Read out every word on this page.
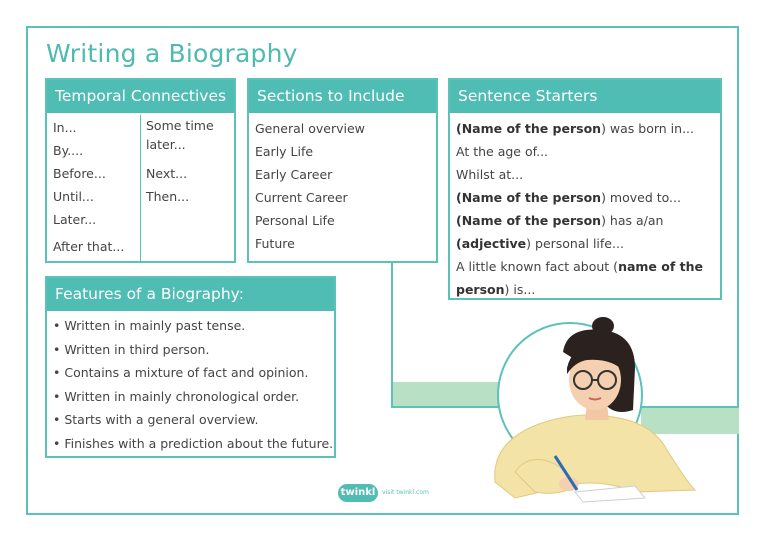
Writing a Biography
Temporal Connectives
In...
By....
Before...
Until...
Later...
After that...
Some time
later...
Next...
Then...
Sections to Include
General overview
Early Life
Early Career
Current Career
Personal Life
Future
Sentence Starters
(Name of the person) was born in...
At the age of...
Whilst at...
(Name of the person) moved to...
(Name of the person) has a/an
(adjective) personal life...
A little known fact about (name of the
person) is...
Features of a Biography:
• Written in mainly past tense.
• Written in third person.
• Contains a mixture of fact and opinion.
• Written in mainly chronological order.
• Starts with a general overview.
• Finishes with a prediction about the future.
twinkl	visit twinkl.com
